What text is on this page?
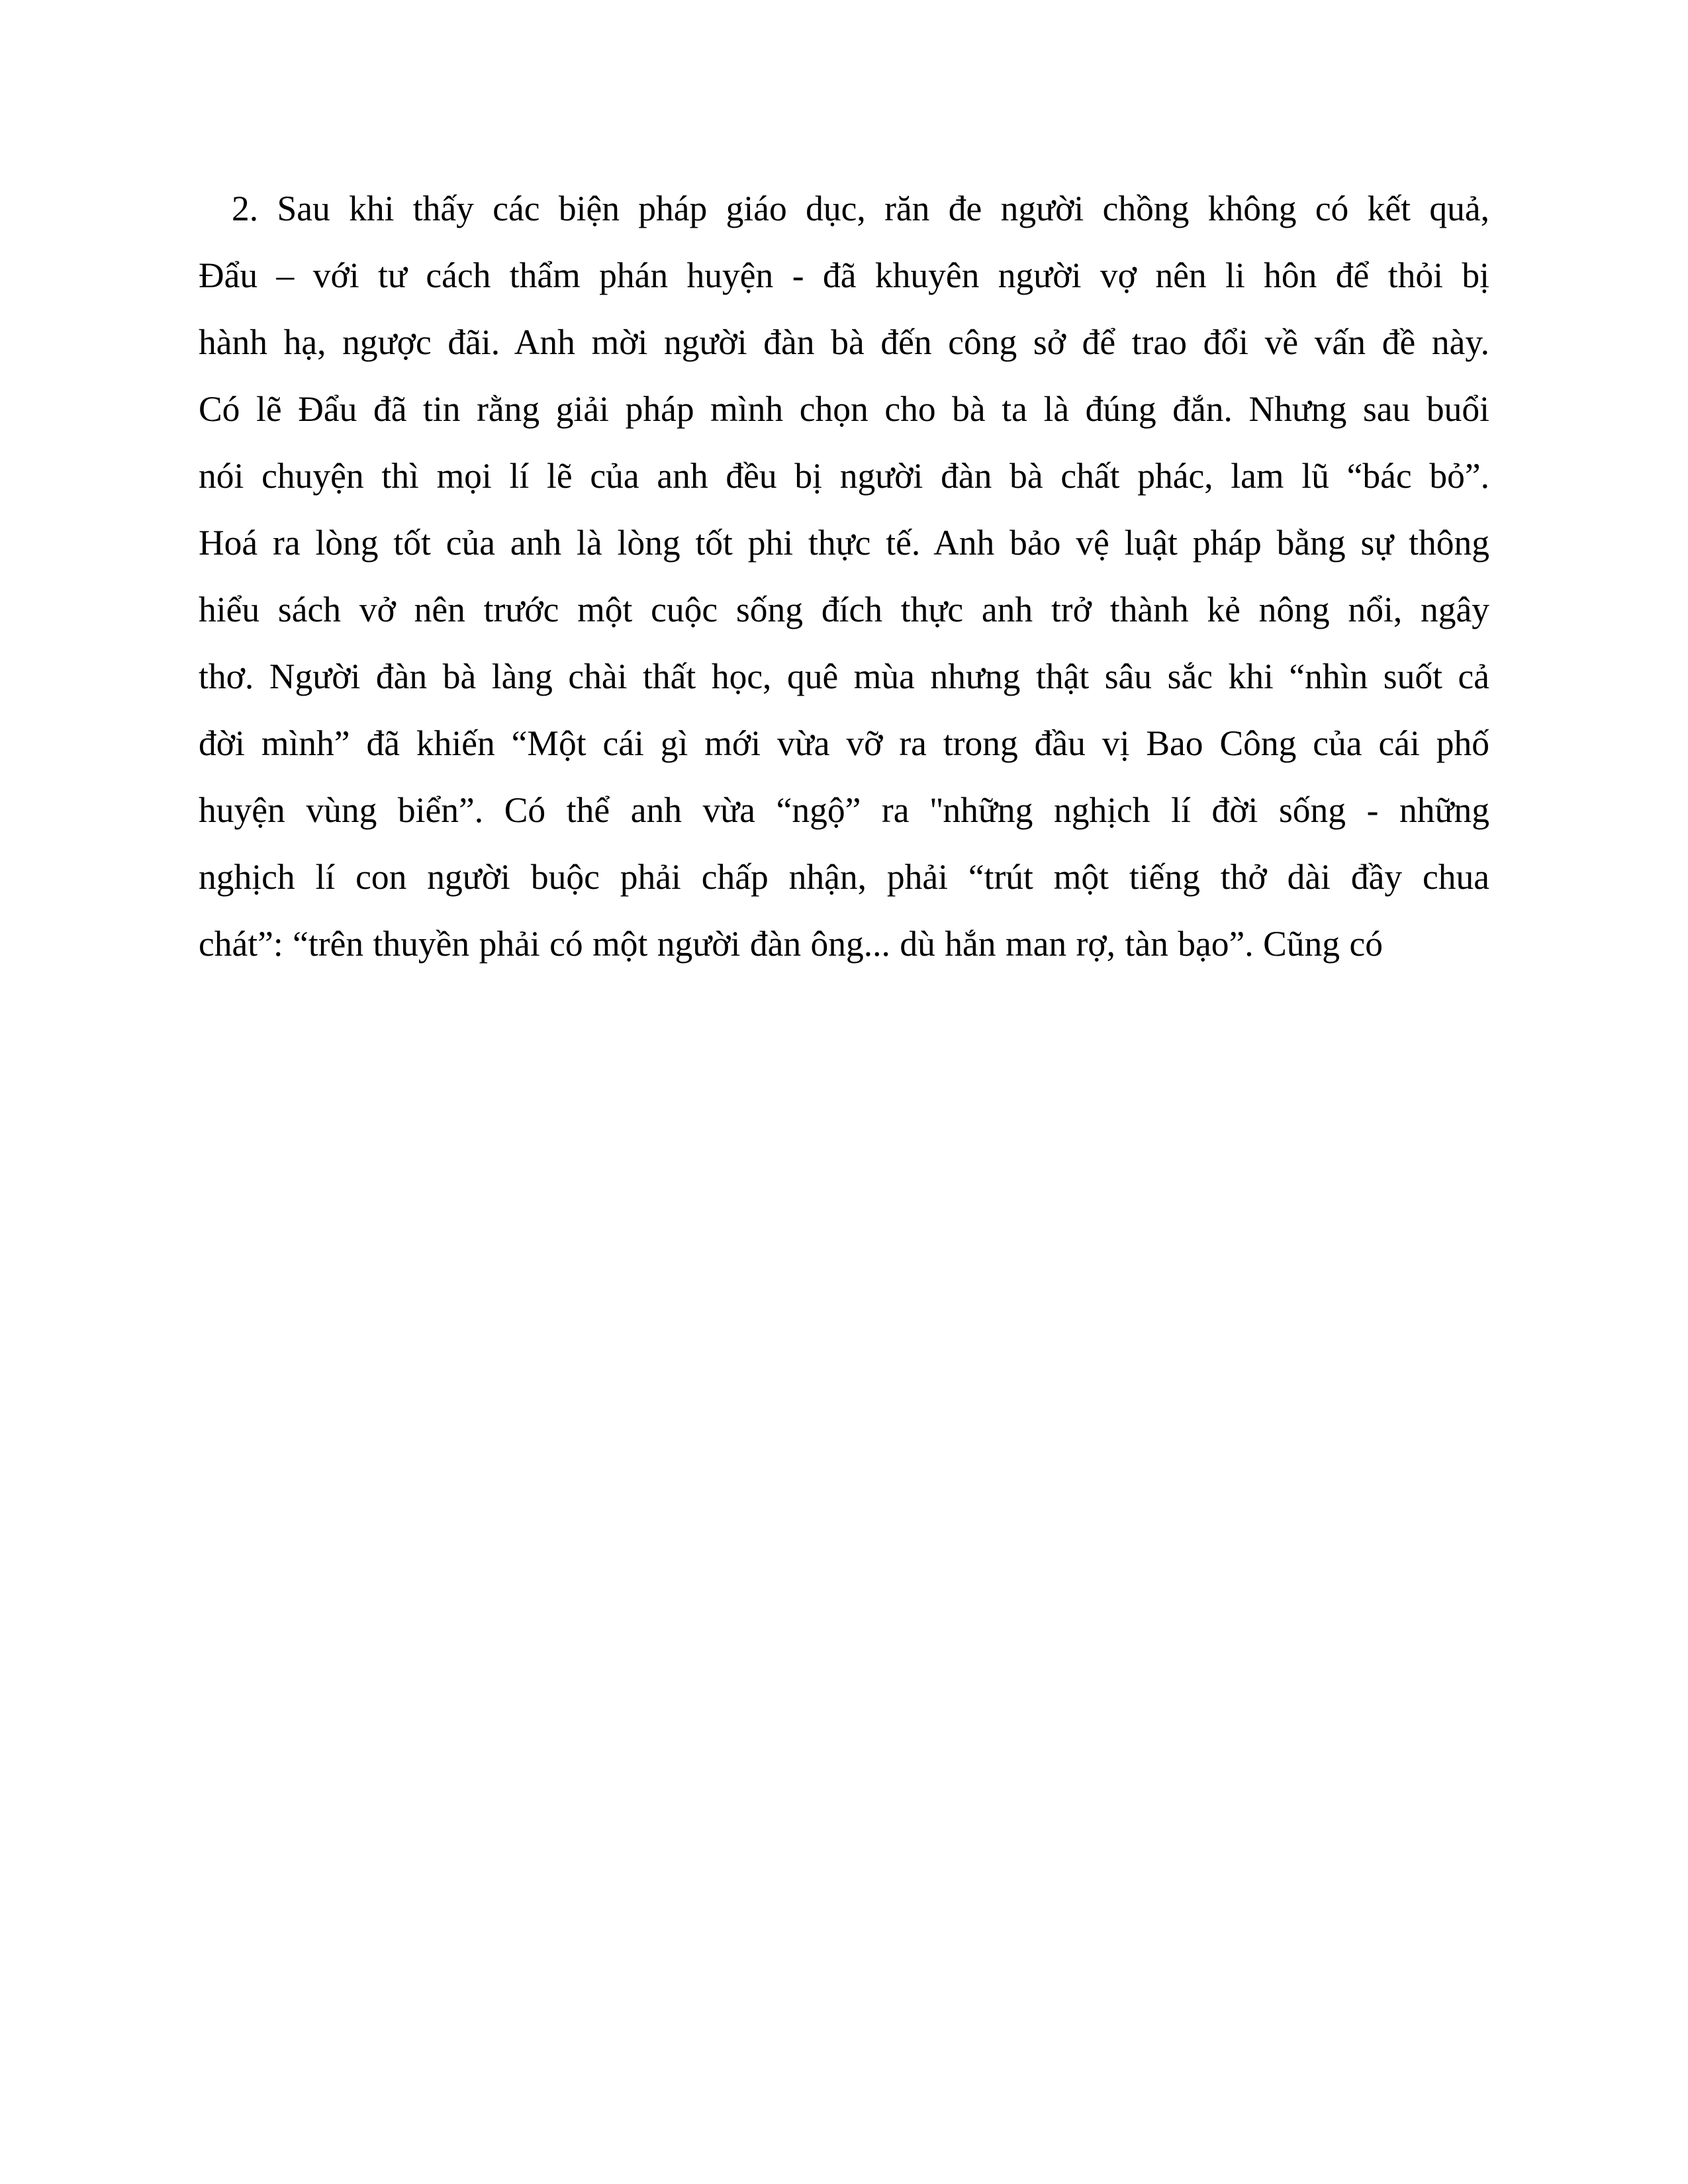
2. Sau khi thấy các biện pháp giáo dục, răn đe người chồng không có kết quả,
Đẩu – với tư cách thẩm phán huyện - đã khuyên người vợ nên li hôn để thỏi bị
hành hạ, ngược đãi. Anh mời người đàn bà đến công sở để trao đổi về vấn đề này.
Có lẽ Đẩu đã tin rằng giải pháp mình chọn cho bà ta là đúng đắn. Nhưng sau buổi
nói chuyện thì mọi lí lẽ của anh đều bị người đàn bà chất phác, lam lũ “bác bỏ”.
Hoá ra lòng tốt của anh là lòng tốt phi thực tế. Anh bảo vệ luật pháp bằng sự thông
hiểu sách vở nên trước một cuộc sống đích thực anh trở thành kẻ nông nổi, ngây
thơ. Người đàn bà làng chài thất học, quê mùa nhưng thật sâu sắc khi “nhìn suốt cả
đời mình” đã khiến “Một cái gì mới vừa vỡ ra trong đầu vị Bao Công của cái phố
huyện vùng biển”. Có thể anh vừa “ngộ” ra ''những nghịch lí đời sống - những
nghịch lí con người buộc phải chấp nhận, phải “trút một tiếng thở dài đầy chua
chát”: “trên thuyền phải có một người đàn ông... dù hắn man rợ, tàn bạo”. Cũng có
